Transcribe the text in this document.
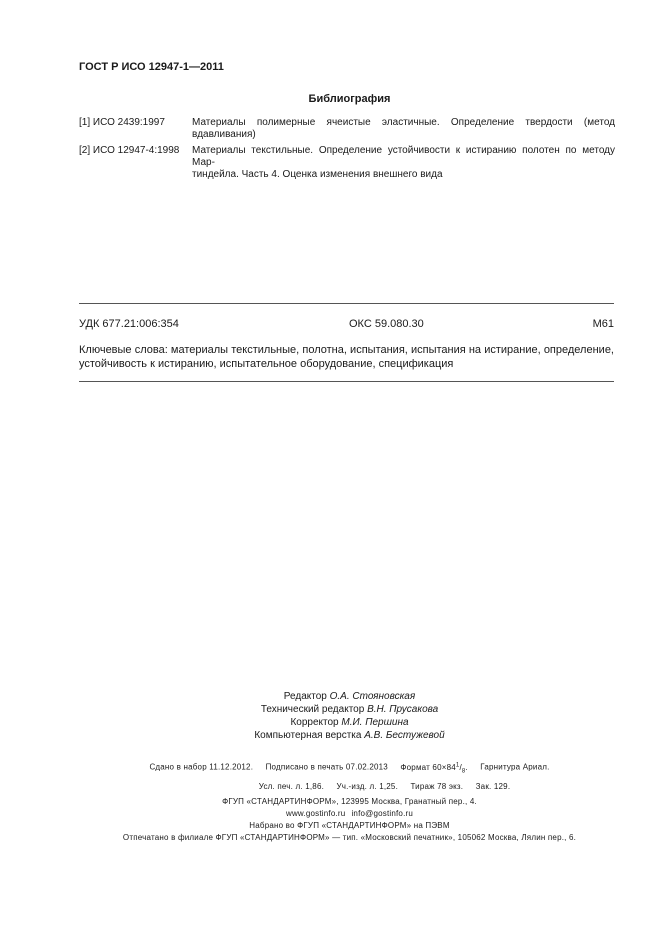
ГОСТ Р ИСО 12947-1—2011
Библиография
[1] ИСО 2439:1997	Материалы полимерные ячеистые эластичные. Определение твердости (метод
вдавливания)
[2] ИСО 12947-4:1998	Материалы текстильные. Определение устойчивости к истиранию полотен по методу Мар-
тиндейла. Часть 4. Оценка изменения внешнего вида
УДК 677.21:006:354	ОКС 59.080.30	М61
Ключевые слова: материалы текстильные, полотна, испытания, испытания на истирание, определение,
устойчивость к истиранию, испытательное оборудование, спецификация
Редактор О.А. Стояновская
Технический редактор В.Н. Прусакова
Корректор М.И. Першина
Компьютерная верстка А.В. Бестужевой
Сдано в набор 11.12.2012. Подписано в печать 07.02.2013 Формат $60\times 84^1/_8$. Гарнитура Ариал.
Усл. печ. л. 1,86. Уч.-изд. л. 1,25. Тираж 78 экз. Зак. 129.
ФГУП «СТАНДАРТИНФОРМ», 123995 Москва, Гранатный пер., 4.
www.gostinfo.ru info@gostinfo.ru
Набрано во ФГУП «СТАНДАРТИНФОРМ» на ПЭВМ
Отпечатано в филиале ФГУП «СТАНДАРТИНФОРМ» — тип. «Московский печатник», 105062 Москва, Лялин пер., 6.
